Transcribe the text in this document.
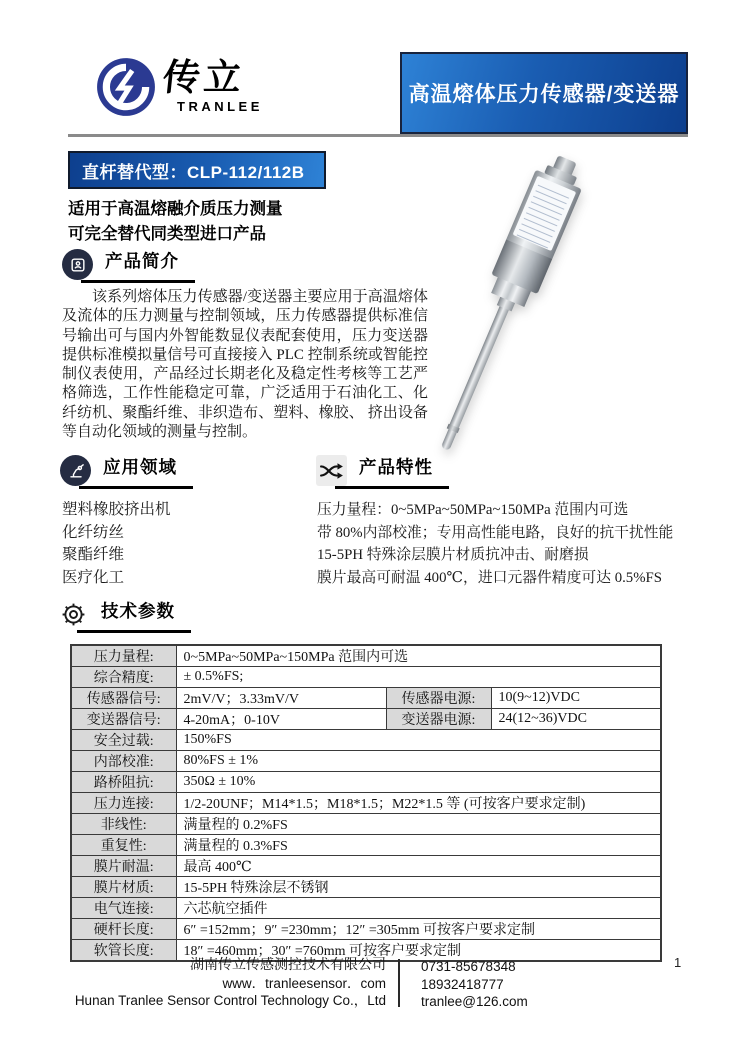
传立
TRANLEE
高温熔体压力传感器/变送器
直杆替代型：CLP-112/112B
适用于高温熔融介质压力测量
可完全替代同类型进口产品
产品简介
该系列熔体压力传感器/变送器主要应用于高温熔体及流体的压力测量与控制领域，压力传感器提供标准信号输出可与国内外智能数显仪表配套使用，压力变送器提供标准模拟量信号可直接接入 PLC 控制系统或智能控制仪表使用，产品经过长期老化及稳定性考核等工艺严格筛选，工作性能稳定可靠，广泛适用于石油化工、化纤纺机、聚酯纤维、非织造布、塑料、橡胶、 挤出设备等自动化领域的测量与控制。
应用领域
塑料橡胶挤出机
化纤纺丝
聚酯纤维
医疗化工
产品特性
压力量程：0~5MPa~50MPa~150MPa 范围内可选
带 80%内部校准；专用高性能电路，良好的抗干扰性能
15-5PH 特殊涂层膜片材质抗冲击、耐磨损
膜片最高可耐温 400℃，进口元器件精度可达 0.5%FS
技术参数
压力量程:	0~5MPa~50MPa~150MPa 范围内可选		
综合精度:	± 0.5%FS;		
传感器信号:	2mV/V；3.33mV/V	传感器电源:	10(9~12)VDC
变送器信号:	4-20mA；0-10V	变送器电源:	24(12~36)VDC
安全过载:	150%FS		
内部校准:	80%FS ± 1%		
路桥阻抗:	350Ω ± 10%		
压力连接:	1/2-20UNF；M14*1.5；M18*1.5；M22*1.5 等 (可按客户要求定制)		
非线性:	满量程的 0.2%FS		
重复性:	满量程的 0.3%FS		
膜片耐温:	最高 400℃		
膜片材质:	15-5PH 特殊涂层不锈钢		
电气连接:	六芯航空插件		
硬杆长度:	6″ =152mm；9″ =230mm；12″ =305mm 可按客户要求定制		
软管长度:	18″ =460mm；30″ =760mm 可按客户要求定制		
湖南传立传感测控技术有限公司
www．tranleesensor．com
Hunan Tranlee Sensor Control Technology Co.，Ltd
0731-85678348
18932418777
tranlee@126.com
1
